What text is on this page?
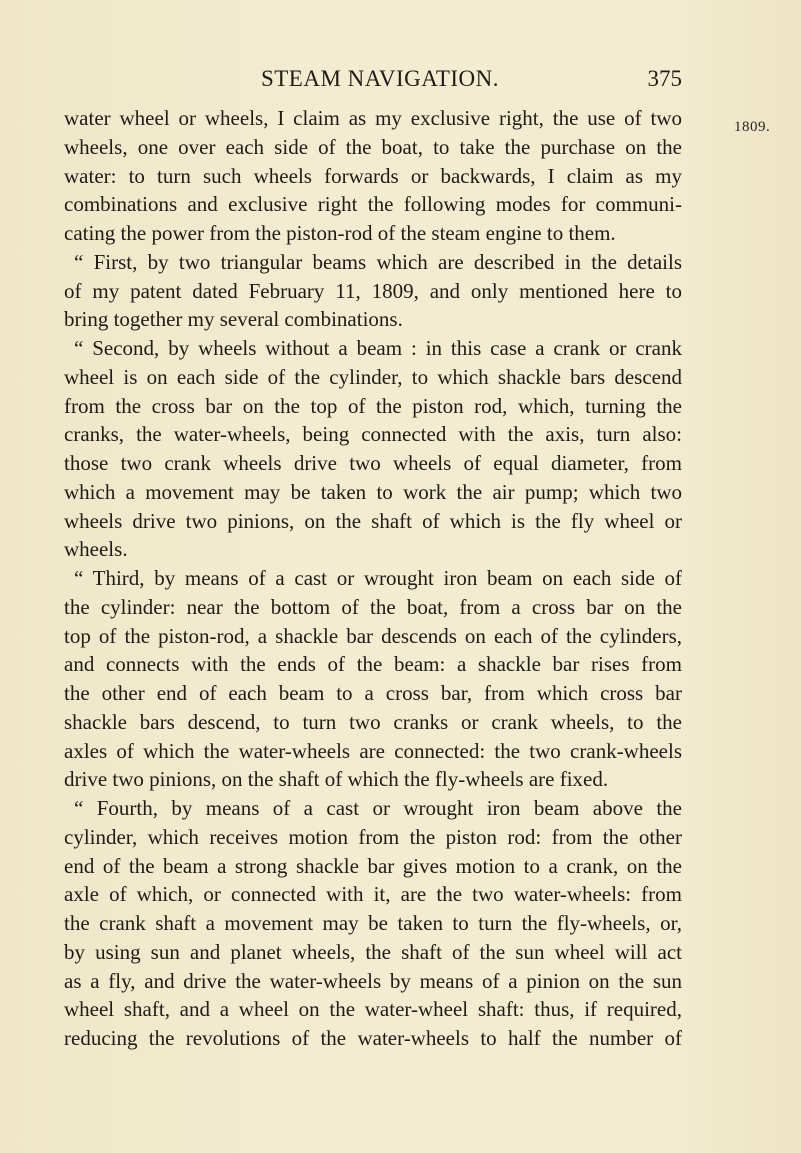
STEAM NAVIGATION.	375
1809.
water wheel or wheels, I claim as my exclusive right, the use of two
wheels, one over each side of the boat, to take the purchase on the
water: to turn such wheels forwards or backwards, I claim as my
combinations and exclusive right the following modes for communi-
cating the power from the piston-rod of the steam engine to them.
“ First, by two triangular beams which are described in the details
of my patent dated February 11, 1809, and only mentioned here to
bring together my several combinations.
“ Second, by wheels without a beam : in this case a crank or crank
wheel is on each side of the cylinder, to which shackle bars descend
from the cross bar on the top of the piston rod, which, turning the
cranks, the water-wheels, being connected with the axis, turn also:
those two crank wheels drive two wheels of equal diameter, from
which a movement may be taken to work the air pump; which two
wheels drive two pinions, on the shaft of which is the fly wheel or
wheels.
“ Third, by means of a cast or wrought iron beam on each side of
the cylinder: near the bottom of the boat, from a cross bar on the
top of the piston-rod, a shackle bar descends on each of the cylinders,
and connects with the ends of the beam: a shackle bar rises from
the other end of each beam to a cross bar, from which cross bar
shackle bars descend, to turn two cranks or crank wheels, to the
axles of which the water-wheels are connected: the two crank-wheels
drive two pinions, on the shaft of which the fly-wheels are fixed.
“ Fourth, by means of a cast or wrought iron beam above the
cylinder, which receives motion from the piston rod: from the other
end of the beam a strong shackle bar gives motion to a crank, on the
axle of which, or connected with it, are the two water-wheels: from
the crank shaft a movement may be taken to turn the fly-wheels, or,
by using sun and planet wheels, the shaft of the sun wheel will act
as a fly, and drive the water-wheels by means of a pinion on the sun
wheel shaft, and a wheel on the water-wheel shaft: thus, if required,
reducing the revolutions of the water-wheels to half the number of
